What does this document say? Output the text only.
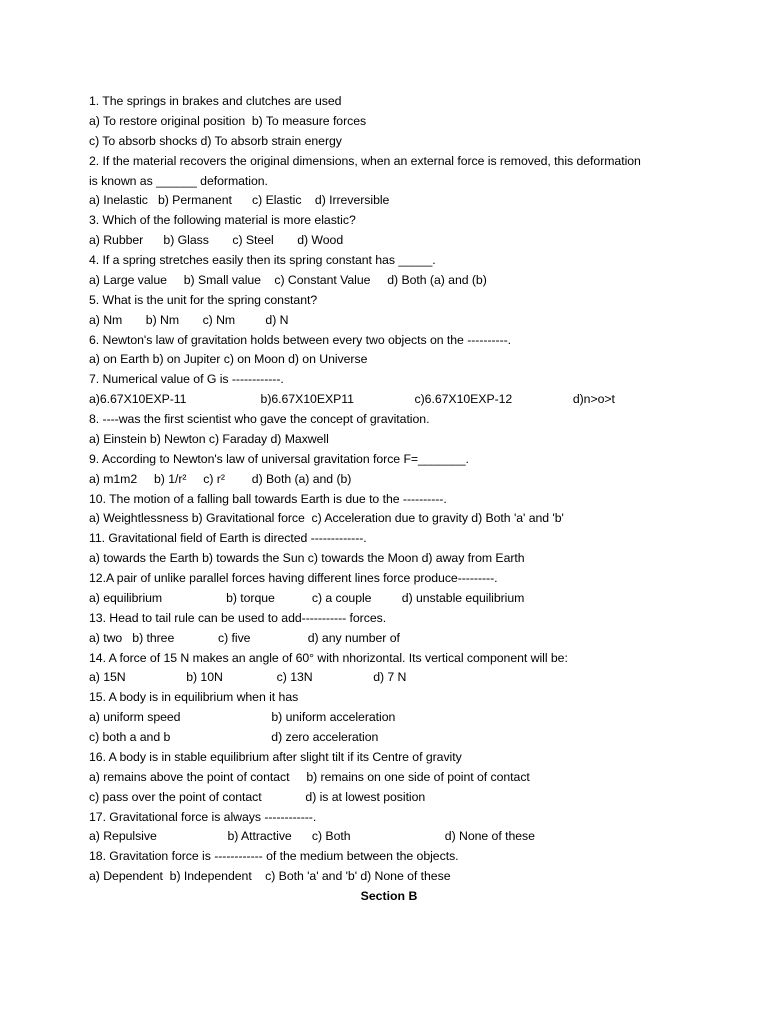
1. The springs in brakes and clutches are used
a) To restore original position  b) To measure forces
c) To absorb shocks d) To absorb strain energy
2. If the material recovers the original dimensions, when an external force is removed, this deformation
is known as ______ deformation.
a) Inelastic   b) Permanent      c) Elastic    d) Irreversible
3. Which of the following material is more elastic?
a) Rubber      b) Glass       c) Steel       d) Wood
4. If a spring stretches easily then its spring constant has _____.
a) Large value     b) Small value    c) Constant Value     d) Both (a) and (b)
5. What is the unit for the spring constant?
a) Nm       b) Nm       c) Nm         d) N
6. Newton's law of gravitation holds between every two objects on the ----------.
a) on Earth b) on Jupiter c) on Moon d) on Universe
7. Numerical value of G is ------------.
a)6.67X10EXP-11                      b)6.67X10EXP11                  c)6.67X10EXP-12                  d)n>o>t
8. ----was the first scientist who gave the concept of gravitation.
a) Einstein b) Newton c) Faraday d) Maxwell
9. According to Newton's law of universal gravitation force F=_______.
a) m1m2     b) 1/r²     c) r²        d) Both (a) and (b)
10. The motion of a falling ball towards Earth is due to the ----------.
a) Weightlessness b) Gravitational force  c) Acceleration due to gravity d) Both 'a' and 'b'
11. Gravitational field of Earth is directed -------------.
a) towards the Earth b) towards the Sun c) towards the Moon d) away from Earth
12.A pair of unlike parallel forces having different lines force produce---------.
a) equilibrium                   b) torque           c) a couple         d) unstable equilibrium
13. Head to tail rule can be used to add----------- forces.
a) two   b) three             c) five                 d) any number of
14. A force of 15 N makes an angle of 60° with nhorizontal. Its vertical component will be:
a) 15N                  b) 10N                c) 13N                  d) 7 N
15. A body is in equilibrium when it has
a) uniform speed                           b) uniform acceleration
c) both a and b                              d) zero acceleration
16. A body is in stable equilibrium after slight tilt if its Centre of gravity
a) remains above the point of contact     b) remains on one side of point of contact
c) pass over the point of contact             d) is at lowest position
17. Gravitational force is always ------------.
a) Repulsive                     b) Attractive      c) Both                            d) None of these
18. Gravitation force is ------------ of the medium between the objects.
a) Dependent  b) Independent    c) Both 'a' and 'b' d) None of these
Section B
